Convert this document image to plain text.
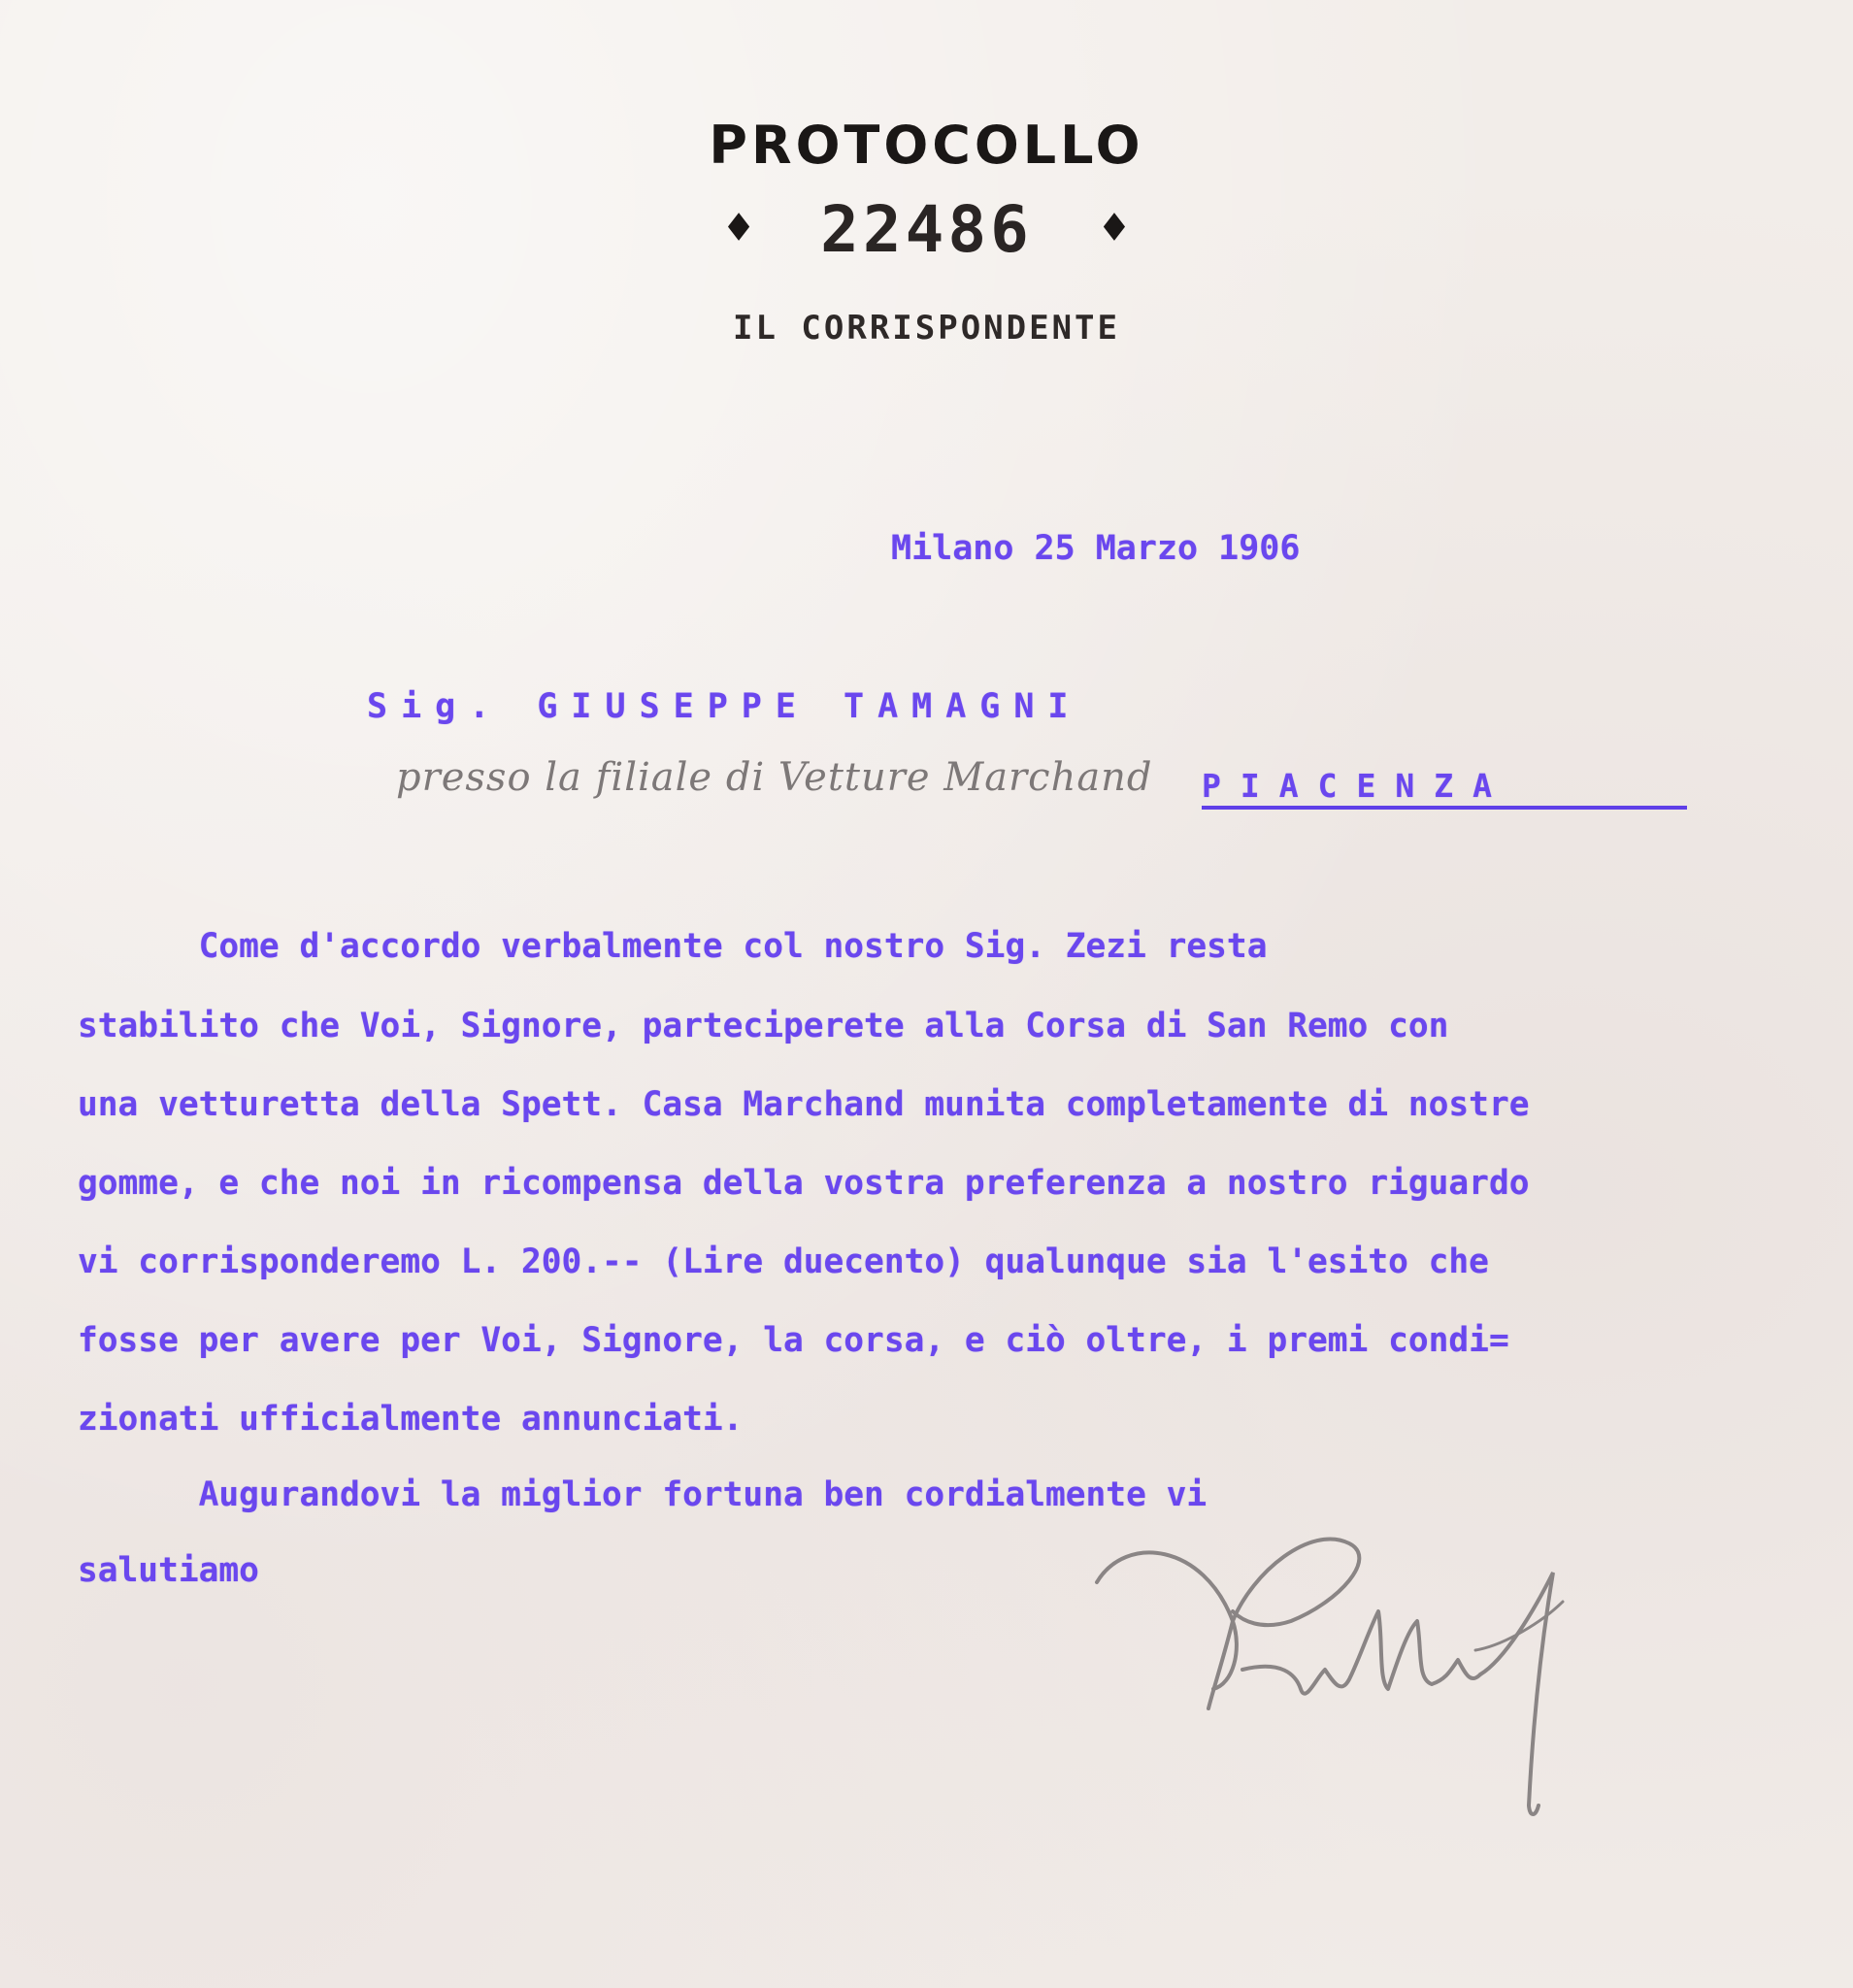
PROTOCOLLO
♦ 22486 ♦

IL CORRISPONDENTE

Milano 25 Marzo 1906

Sig. GIUSEPPE TAMAGNI

presso la filiale di Vetture Marchand PIACENZA

Come d'accordo verbalmente col nostro Sig. Zezi resta

stabilito che Voi, Signore, parteciperete alla Corsa di San Remo con

una vetturetta della Spett. Casa Marchand munita completamente di nostre

gomme, e che noi in ricompensa della vostra preferenza a nostro riguardo

vi corrisponderemo L. 200.-- (Lire duecento) qualunque sia l'esito che

fosse per avere per Voi, Signore, la corsa, e ciò oltre, i premi condi=

zionati ufficialmente annunciati.

Augurandovi la miglior fortuna ben cordialmente vi

salutiamo
